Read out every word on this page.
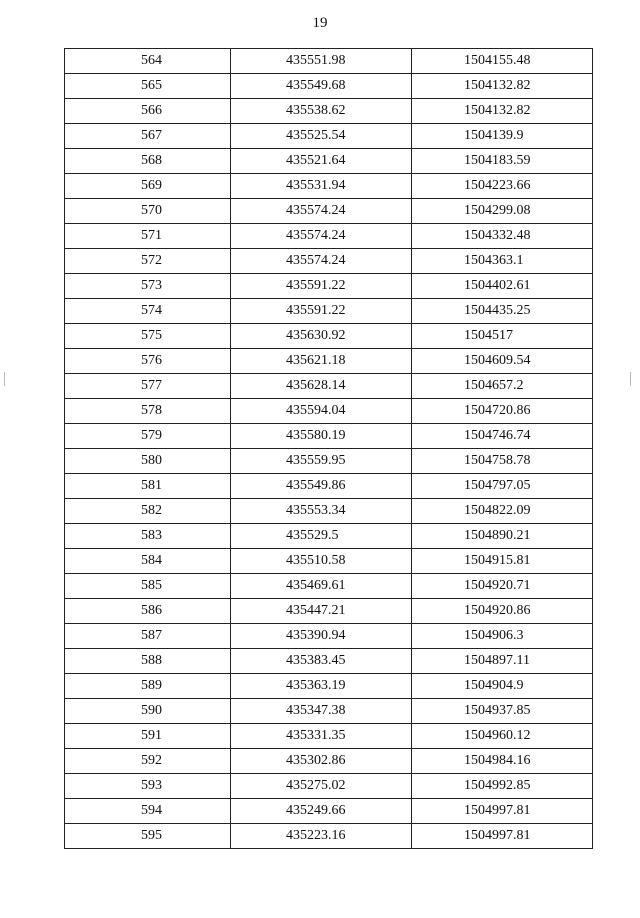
19
564	435551.98	1504155.48
565	435549.68	1504132.82
566	435538.62	1504132.82
567	435525.54	1504139.9
568	435521.64	1504183.59
569	435531.94	1504223.66
570	435574.24	1504299.08
571	435574.24	1504332.48
572	435574.24	1504363.1
573	435591.22	1504402.61
574	435591.22	1504435.25
575	435630.92	1504517
576	435621.18	1504609.54
577	435628.14	1504657.2
578	435594.04	1504720.86
579	435580.19	1504746.74
580	435559.95	1504758.78
581	435549.86	1504797.05
582	435553.34	1504822.09
583	435529.5	1504890.21
584	435510.58	1504915.81
585	435469.61	1504920.71
586	435447.21	1504920.86
587	435390.94	1504906.3
588	435383.45	1504897.11
589	435363.19	1504904.9
590	435347.38	1504937.85
591	435331.35	1504960.12
592	435302.86	1504984.16
593	435275.02	1504992.85
594	435249.66	1504997.81
595	435223.16	1504997.81
